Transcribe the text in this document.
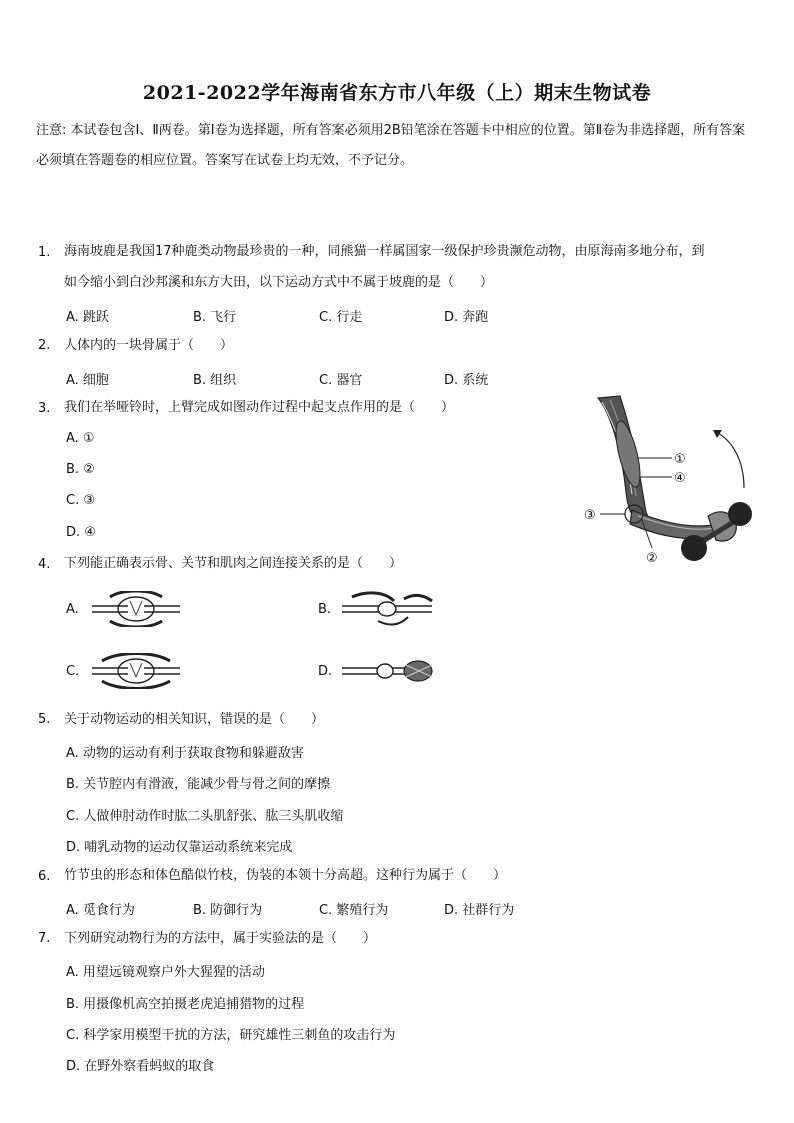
2021-2022学年海南省东方市八年级（上）期末生物试卷
注意: 本试卷包含Ⅰ、Ⅱ两卷。第Ⅰ卷为选择题，所有答案必须用2B铅笔涂在答题卡中相应的位置。第Ⅱ卷为非选择题，所有答案必须填在答题卷的相应位置。答案写在试卷上均无效，不予记分。
1. 海南坡鹿是我国17种鹿类动物最珍贵的一种，同熊猫一样属国家一级保护珍贵濒危动物，由原海南多地分布，到
如今缩小到白沙邦溪和东方大田，以下运动方式中不属于坡鹿的是（　　）
A. 跳跃	B. 飞行	C. 行走	D. 奔跑
2. 人体内的一块骨属于（　　）
A. 细胞	B. 组织	C. 器官	D. 系统
3. 我们在举哑铃时，上臂完成如图动作过程中起支点作用的是（　　）
A. ①
B. ②
C. ③
D. ④
①
④
③
②
4. 下列能正确表示骨、关节和肌肉之间连接关系的是（　　）
A.	B.
C.	D.
5. 关于动物运动的相关知识，错误的是（　　）
A. 动物的运动有利于获取食物和躲避敌害
B. 关节腔内有滑液，能减少骨与骨之间的摩擦
C. 人做伸肘动作时肱二头肌舒张、肱三头肌收缩
D. 哺乳动物的运动仅靠运动系统来完成
6. 竹节虫的形态和体色酷似竹枝，伪装的本领十分高超。这种行为属于（　　）
A. 觅食行为	B. 防御行为	C. 繁殖行为	D. 社群行为
7. 下列研究动物行为的方法中，属于实验法的是（　　）
A. 用望远镜观察户外大猩猩的活动
B. 用摄像机高空拍摄老虎追捕猎物的过程
C. 科学家用模型干扰的方法，研究雄性三刺鱼的攻击行为
D. 在野外察看蚂蚁的取食
